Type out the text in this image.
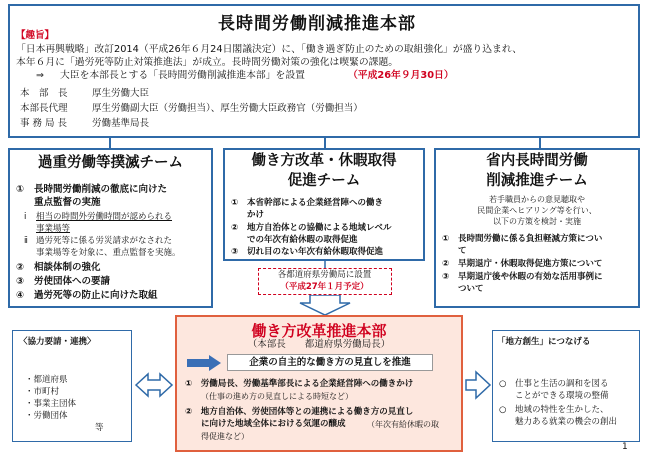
長時間労働削減推進本部
【趣旨】
「日本再興戦略」改訂2014（平成26年６月24日閣議決定）に、「働き過ぎ防止のための取組強化」が盛り込まれ、
本年６月に「過労死等防止対策推進法」が成立。長時間労働対策の強化は喫緊の課題。
⇒ 大臣を本部長とする「長時間労働削減推進本部」を設置	（平成26年９月30日）
本　部　長	厚生労働大臣
本部長代理	厚生労働副大臣（労働担当）、厚生労働大臣政務官（労働担当）
事 務 局 長	労働基準局長
過重労働等撲滅チーム
① 長時間労働削減の徹底に向けた
重点監督の実施
ⅰ 相当の時間外労働時間が認められる
事業場等
ⅱ 過労死等に係る労災請求がなされた
事業場等を対象に、重点監督を実施。
② 相談体制の強化
③ 労使団体への要請
④ 過労死等の防止に向けた取組
働き方改革・休暇取得
促進チーム
① 本省幹部による企業経営陣への働き
かけ
② 地方自治体との協働による地域レベル
での年次有給休暇の取得促進
③ 切れ目のない年次有給休暇取得促進
各都道府県労働局に設置
（平成27年１月予定）
省内長時間労働
削減推進チーム
若手職員からの意見聴取や
民間企業へヒアリング等を行い、
以下の方策を検討・実施
① 長時間労働に係る負担軽減方策につい
て
② 早期退庁・休暇取得促進方策について
③ 早期退庁後や休暇の有効な活用事例に
ついて
〈協力要請・連携〉
・都道府県
・市町村
・事業主団体
・労働団体
等
働き方改革推進本部
（本部長　　都道府県労働局長）
企業の自主的な働き方の見直しを推進
①　労働局長、労働基準部長による企業経営陣への働きかけ
（仕事の進め方の見直しによる時短など）
②　地方自治体、労使団体等との連携による働き方の見直し
に向けた地域全体における気運の醸成	（年次有給休暇の取
得促進など）
「地方創生」につなげる
○ 仕事と生活の調和を図る
ことができる環境の整備
○ 地域の特性を生かした、
魅力ある就業の機会の創出
1
